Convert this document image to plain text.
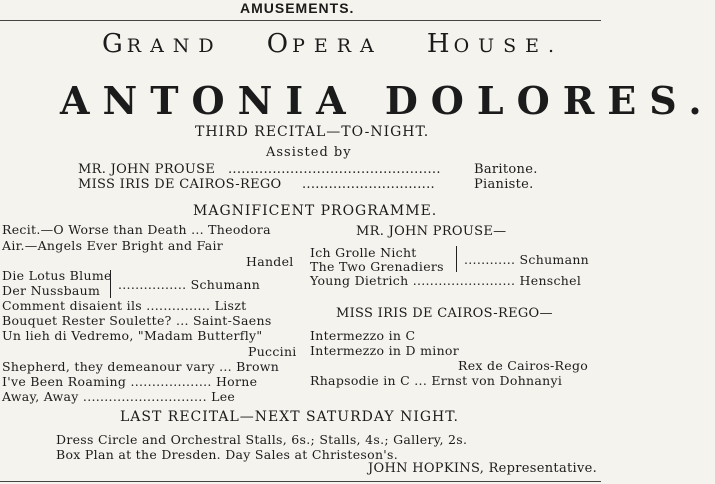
AMUSEMENTS.
GRAND OPERA HOUSE.
ANTONIA DOLORES.
THIRD RECITAL—TO-NIGHT.
Assisted by
MR. JOHN PROUSE ................................................	Baritone.
MISS IRIS DE CAIROS-REGO ..............................	Pianiste.
MAGNIFICENT PROGRAMME.
Recit.—O Worse than Death ... Theodora
Air.—Angels Ever Bright and Fair
Handel
Die Lotus Blume
Der Nussbaum ................ Schumann
Comment disaient ils ............... Liszt
Bouquet Rester Soulette? ... Saint-Saens
Un lieh di Vedremo, "Madam Butterfly"
Puccini
Shepherd, they demeanour vary ... Brown
I've Been Roaming ................... Horne
Away, Away ............................. Lee
MR. JOHN PROUSE—
Ich Grolle Nicht
The Two Grenadiers ............ Schumann
Young Dietrich ........................ Henschel
MISS IRIS DE CAIROS-REGO—
Intermezzo in C
Intermezzo in D minor
Rex de Cairos-Rego
Rhapsodie in C ... Ernst von Dohnanyi
LAST RECITAL—NEXT SATURDAY NIGHT.
Dress Circle and Orchestral Stalls, 6s.; Stalls, 4s.; Gallery, 2s.
Box Plan at the Dresden. Day Sales at Christeson's.
JOHN HOPKINS, Representative.
